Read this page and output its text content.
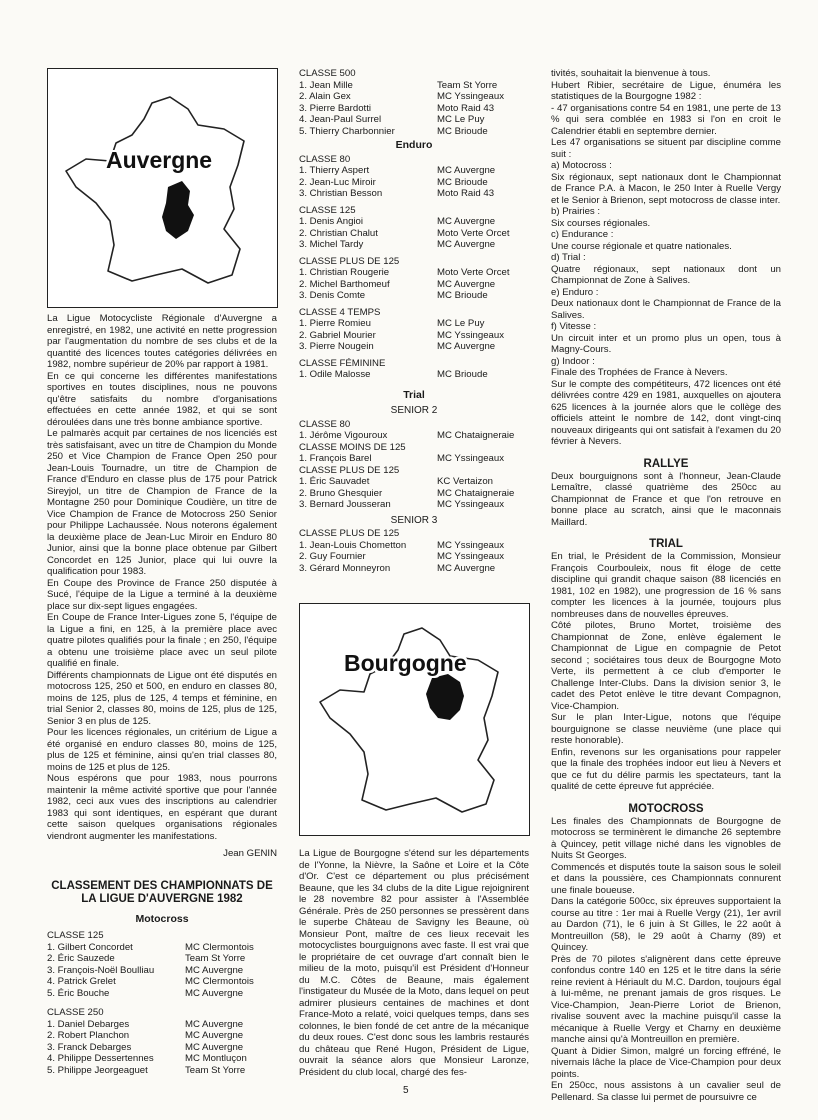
Auvergne

La Ligue Motocycliste Régionale d'Auvergne a enregistré, en 1982, une activité en nette progression par l'augmentation du nombre de ses clubs et de la quantité des licences toutes catégories délivrées en 1982, nombre supérieur de 20% par rapport à 1981.

En ce qui concerne les différentes manifestations sportives en toutes disciplines, nous ne pouvons qu'être satisfaits du nombre d'organisations effectuées en cette année 1982, et qui se sont déroulées dans une très bonne ambiance sportive.

Le palmarès acquit par certaines de nos licenciés est très satisfaisant, avec un titre de Champion du Monde 250 et Vice Champion de France Open 250 pour Jean-Louis Tournadre, un titre de Champion de France d'Enduro en classe plus de 175 pour Patrick Sireyjol, un titre de Champion de France de la Montagne 250 pour Dominique Coudière, un titre de Vice Champion de France de Motocross 250 Senior pour Philippe Lachaussée. Nous noterons également la deuxième place de Jean-Luc Miroir en Enduro 80 Junior, ainsi que la bonne place obtenue par Gilbert Concordet en 125 Junior, place qui lui ouvre la qualification pour 1983.

En Coupe des Province de France 250 disputée à Sucé, l'équipe de la Ligue a terminé à la deuxième place sur dix-sept ligues engagées.

En Coupe de France Inter-Ligues zone 5, l'équipe de la Ligue a fini, en 125, à la première place avec quatre pilotes qualifiés pour la finale ; en 250, l'équipe a obtenu une troisième place avec un seul pilote qualifié en finale.

Différents championnats de Ligue ont été disputés en motocross 125, 250 et 500, en enduro en classes 80, moins de 125, plus de 125, 4 temps et féminine, en trial Senior 2, classes 80, moins de 125, plus de 125, Senior 3 en plus de 125.

Pour les licences régionales, un critérium de Ligue a été organisé en enduro classes 80, moins de 125, plus de 125 et féminine, ainsi qu'en trial classes 80, moins de 125 et plus de 125.

Nous espérons que pour 1983, nous pourrons maintenir la même activité sportive que pour l'année 1982, ceci aux vues des inscriptions au calendrier 1983 qui sont identiques, en espérant que durant cette saison quelques organisations régionales viendront augmenter les manifestations.

Jean GENIN
CLASSEMENT DES CHAMPIONNATS DE LA LIGUE D'AUVERGNE 1982
Motocross
CLASSE 125
1. Gilbert Concordet	MC Clermontois
2. Éric Sauzede	Team St Yorre
3. François-Noël Boulliau	MC Auvergne
4. Patrick Grelet	MC Clermontois
5. Éric Bouche	MC Auvergne
CLASSE 250
1. Daniel Debarges	MC Auvergne
2. Robert Planchon	MC Auvergne
3. Franck Debarges	MC Auvergne
4. Philippe Dessertennes	MC Montluçon
5. Philippe Jeorgeaguet	Team St Yorre
CLASSE 500
1. Jean Mille	Team St Yorre
2. Alain Gex	MC Yssingeaux
3. Pierre Bardotti	Moto Raid 43
4. Jean-Paul Surrel	MC Le Puy
5. Thierry Charbonnier	MC Brioude
Enduro
CLASSE 80
1. Thierry Aspert	MC Auvergne
2. Jean-Luc Miroir	MC Brioude
3. Christian Besson	Moto Raid 43
CLASSE 125
1. Denis Angioi	MC Auvergne
2. Christian Chalut	Moto Verte Orcet
3. Michel Tardy	MC Auvergne
CLASSE PLUS DE 125
1. Christian Rougerie	Moto Verte Orcet
2. Michel Barthomeuf	MC Auvergne
3. Denis Comte	MC Brioude
CLASSE 4 TEMPS
1. Pierre Romieu	MC Le Puy
2. Gabriel Mourier	MC Yssingeaux
3. Pierre Nougein	MC Auvergne
CLASSE FÉMININE
1. Odile Malosse	MC Brioude
Trial
SENIOR 2
CLASSE 80
1. Jérôme Vigouroux	MC Chataigneraie
CLASSE MOINS DE 125
1. François Barel	MC Yssingeaux
CLASSE PLUS DE 125
1. Éric Sauvadet	KC Vertaizon
2. Bruno Ghesquier	MC Chataigneraie
3. Bernard Jousseran	MC Yssingeaux
SENIOR 3
CLASSE PLUS DE 125
1. Jean-Louis Chometton	MC Yssingeaux
2. Guy Fournier	MC Yssingeaux
3. Gérard Monneyron	MC Auvergne
Bourgogne

La Ligue de Bourgogne s'étend sur les départements de l'Yonne, la Nièvre, la Saône et Loire et la Côte d'Or. C'est ce département ou plus précisément Beaune, que les 34 clubs de la dite Ligue rejoignirent le 28 novembre 82 pour assister à l'Assemblée Générale. Près de 250 personnes se pressèrent dans le superbe Château de Savigny les Beaune, où Monsieur Pont, maître de ces lieux recevait les motocyclistes bourguignons avec faste. Il est vrai que le propriétaire de cet ouvrage d'art connaît bien le milieu de la moto, puisqu'il est Président d'Honneur du M.C. Côtes de Beaune, mais également l'instigateur du Musée de la Moto, dans lequel on peut admirer plusieurs centaines de machines et dont France-Moto a relaté, voici quelques temps, dans ses colonnes, le bien fondé de cet antre de la mécanique du deux roues. C'est donc sous les lambris restaurés du château que René Hugon, Président de Ligue, ouvrait la séance alors que Monsieur Laronze, Président du club local, chargé des fes-

tivités, souhaitait la bienvenue à tous.

Hubert Ribier, secrétaire de Ligue, énuméra les statistiques de la Bourgogne 1982 :

- 47 organisations contre 54 en 1981, une perte de 13 % qui sera comblée en 1983 si l'on en croit le Calendrier établi en septembre dernier.

Les 47 organisations se situent par discipline comme suit :

a) Motocross :

Six régionaux, sept nationaux dont le Championnat de France P.A. à Macon, le 250 Inter à Ruelle Vergy et le Senior à Brienon, sept motocross de classe inter.

b) Prairies :

Six courses régionales.

c) Endurance :

Une course régionale et quatre nationales.

d) Trial :

Quatre régionaux, sept nationaux dont un Championnat de Zone à Salives.

e) Enduro :

Deux nationaux dont le Championnat de France de la Salives.

f) Vitesse :

Un circuit inter et un promo plus un open, tous à Magny-Cours.

g) Indoor :

Finale des Trophées de France à Nevers.

Sur le compte des compétiteurs, 472 licences ont été délivrées contre 429 en 1981, auxquelles on ajoutera 625 licences à la journée alors que le collège des officiels atteint le nombre de 142, dont vingt-cinq nouveaux dirigeants qui ont satisfait à l'examen du 20 février à Nevers.

RALLYE

Deux bourguignons sont à l'honneur, Jean-Claude Lemaître, classé quatrième des 250cc au Championnat de France et que l'on retrouve en bonne place au scratch, ainsi que le maconnais Maillard.

TRIAL

En trial, le Président de la Commission, Monsieur François Courbouleix, nous fit éloge de cette discipline qui grandit chaque saison (88 licenciés en 1981, 102 en 1982), une progression de 16 % sans compter les licences à la journée, toujours plus nombreuses dans de nouvelles épreuves.

Côté pilotes, Bruno Mortet, troisième des Championnat de Zone, enlève également le Championnat de Ligue en compagnie de Petot second ; sociétaires tous deux de Bourgogne Moto Verte, ils permettent à ce club d'emporter le Challenge Inter-Clubs. Dans la division senior 3, le cadet des Petot enlève le titre devant Compagnon, Vice-Champion.

Sur le plan Inter-Ligue, notons que l'équipe bourguignone se classe neuvième (une place qui reste honorable).

Enfin, revenons sur les organisations pour rappeler que la finale des trophées indoor eut lieu à Nevers et que ce fut du délire parmis les spectateurs, tant la qualité de cette épreuve fut appréciée.

MOTOCROSS

Les finales des Championnats de Bourgogne de motocross se terminèrent le dimanche 26 septembre à Quincey, petit village niché dans les vignobles de Nuits St Georges.

Commencés et disputés toute la saison sous le soleil et dans la poussière, ces Championnats connurent une finale boueuse.

Dans la catégorie 500cc, six épreuves supportaient la course au titre : 1er mai à Ruelle Vergy (21), 1er avril au Dardon (71), le 6 juin à St Gilles, le 22 août à Montreuillon (58), le 29 août à Charny (89) et Quincey.

Près de 70 pilotes s'alignèrent dans cette épreuve confondus contre 140 en 125 et le titre dans la série reine revient à Hériault du M.C. Dardon, toujours égal à lui-même, ne prenant jamais de gros risques. Le Vice-Champion, Jean-Pierre Loriot de Brienon, rivalise souvent avec la machine puisqu'il casse la mécanique à Ruelle Vergy et Charny en deuxième manche ainsi qu'à Montreuillon en première.

Quant à Didier Simon, malgré un forcing effréné, le nivernais lâche la place de Vice-Champion pour deux points.

En 250cc, nous assistons à un cavalier seul de Pellenard. Sa classe lui permet de poursuivre ce

5
